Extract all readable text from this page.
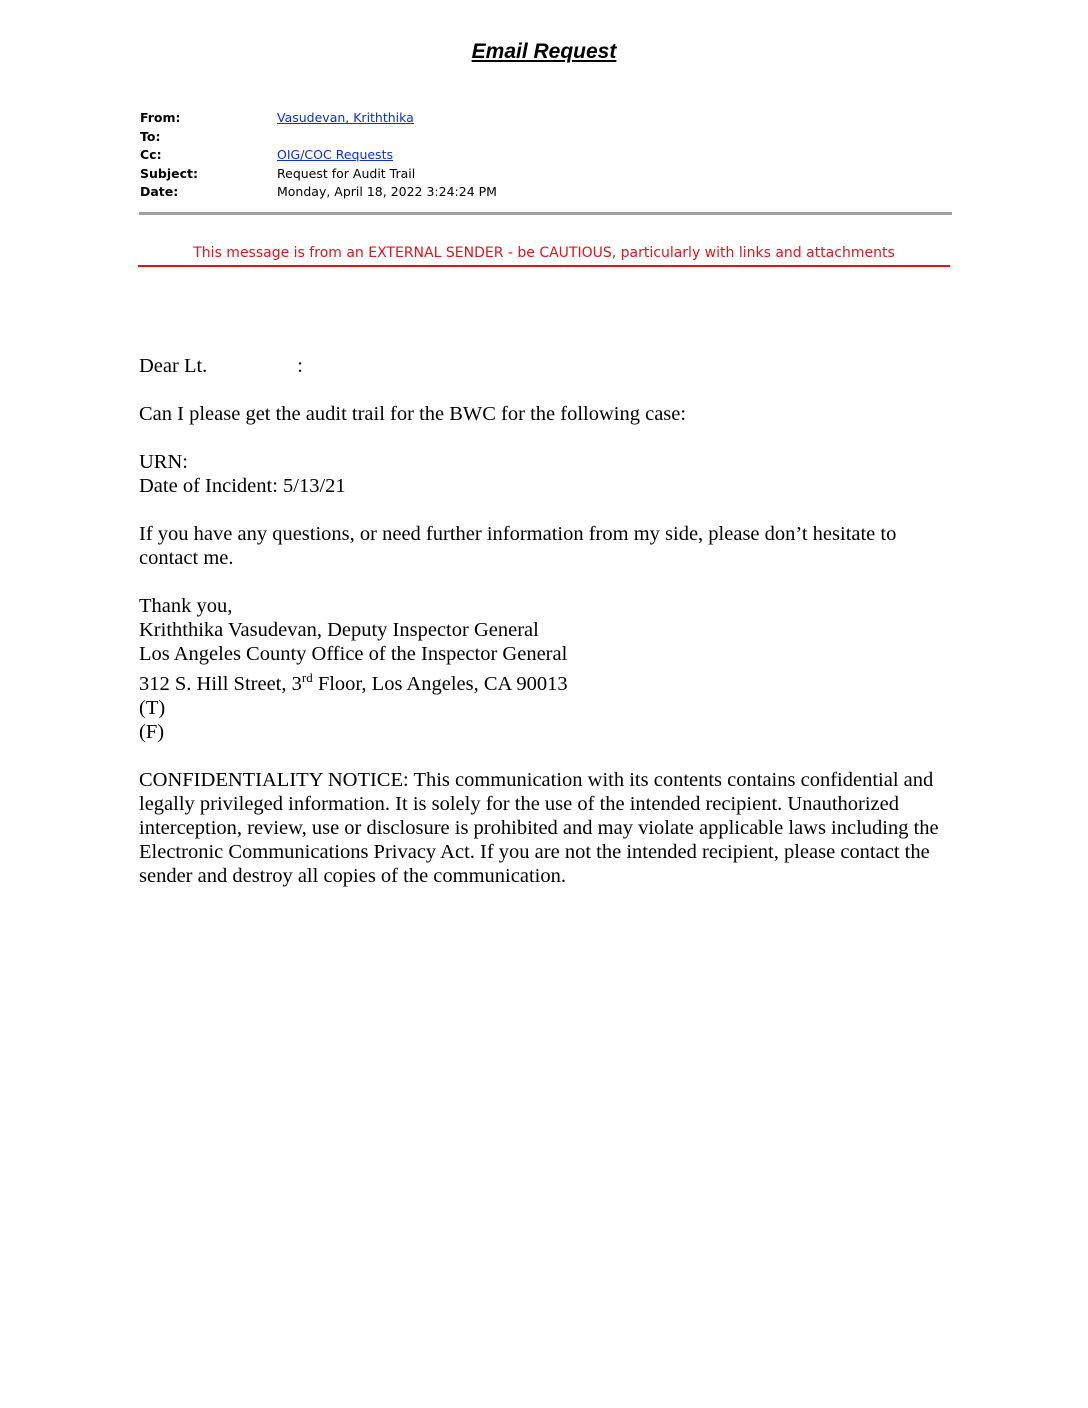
Email Request
From:	Vasudevan, Kriththika
To:
Cc:	OIG/COC Requests
Subject:	Request for Audit Trail
Date:	Monday, April 18, 2022 3:24:24 PM
This message is from an EXTERNAL SENDER - be CAUTIOUS, particularly with links and attachments

Dear Lt.	:

Can I please get the audit trail for the BWC for the following case:

URN:
Date of Incident: 5/13/21

If you have any questions, or need further information from my side, please don’t hesitate to contact me.

Thank you,
Kriththika Vasudevan, Deputy Inspector General
Los Angeles County Office of the Inspector General
312 S. Hill Street, 3rd Floor, Los Angeles, CA 90013
(T)
(F)

CONFIDENTIALITY NOTICE: This communication with its contents contains confidential and legally privileged information. It is solely for the use of the intended recipient. Unauthorized interception, review, use or disclosure is prohibited and may violate applicable laws including the Electronic Communications Privacy Act. If you are not the intended recipient, please contact the sender and destroy all copies of the communication.
